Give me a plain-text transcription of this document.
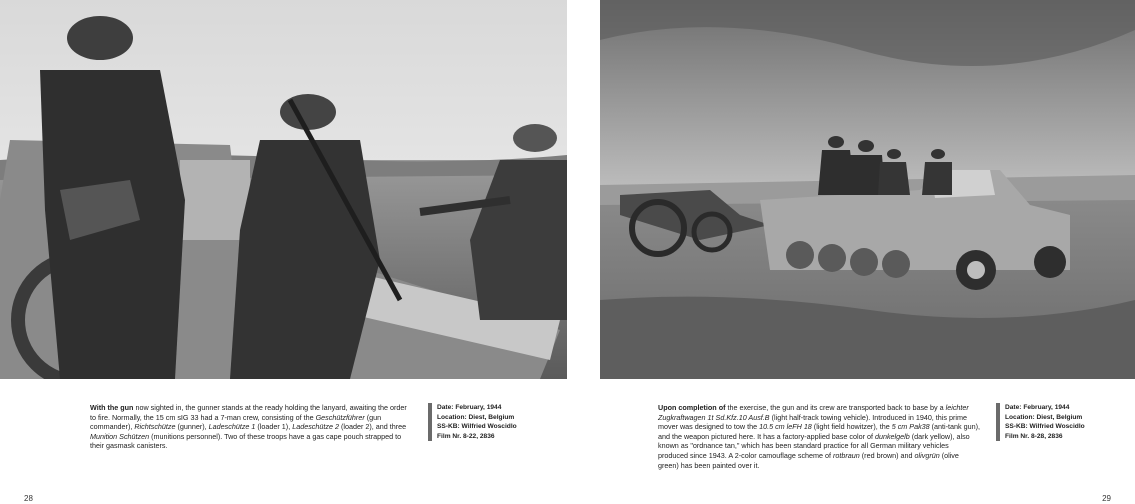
With the gun now sighted in, the gunner stands at the ready holding the lanyard, awaiting the order to fire. Normally, the 15 cm sIG 33 had a 7-man crew, consisting of the Geschützführer (gun commander), Richtschütze (gunner), Ladeschütze 1 (loader 1), Ladeschütze 2 (loader 2), and three Munition Schützen (munitions personnel). Two of these troops have a gas cape pouch strapped to their gasmask canisters.
Date: February, 1944
Location: Diest, Belgium
SS-KB: Wilfried Woscidlo
Film Nr. 8-22, 2836
28
Upon completion of the exercise, the gun and its crew are transported back to base by a leichter Zugkraftwagen 1t Sd.Kfz.10 Ausf.B (light half-track towing vehicle). Introduced in 1940, this prime mover was designed to tow the 10.5 cm leFH 18 (light field howitzer), the 5 cm Pak38 (anti-tank gun), and the weapon pictured here. It has a factory-applied base color of dunkelgelb (dark yellow), also known as "ordnance tan," which has been standard practice for all German military vehicles produced since 1943. A 2-color camouflage scheme of rotbraun (red brown) and olivgrün (olive green) has been painted over it.
Date: February, 1944
Location: Diest, Belgium
SS-KB: Wilfried Woscidlo
Film Nr. 8-28, 2836
29
